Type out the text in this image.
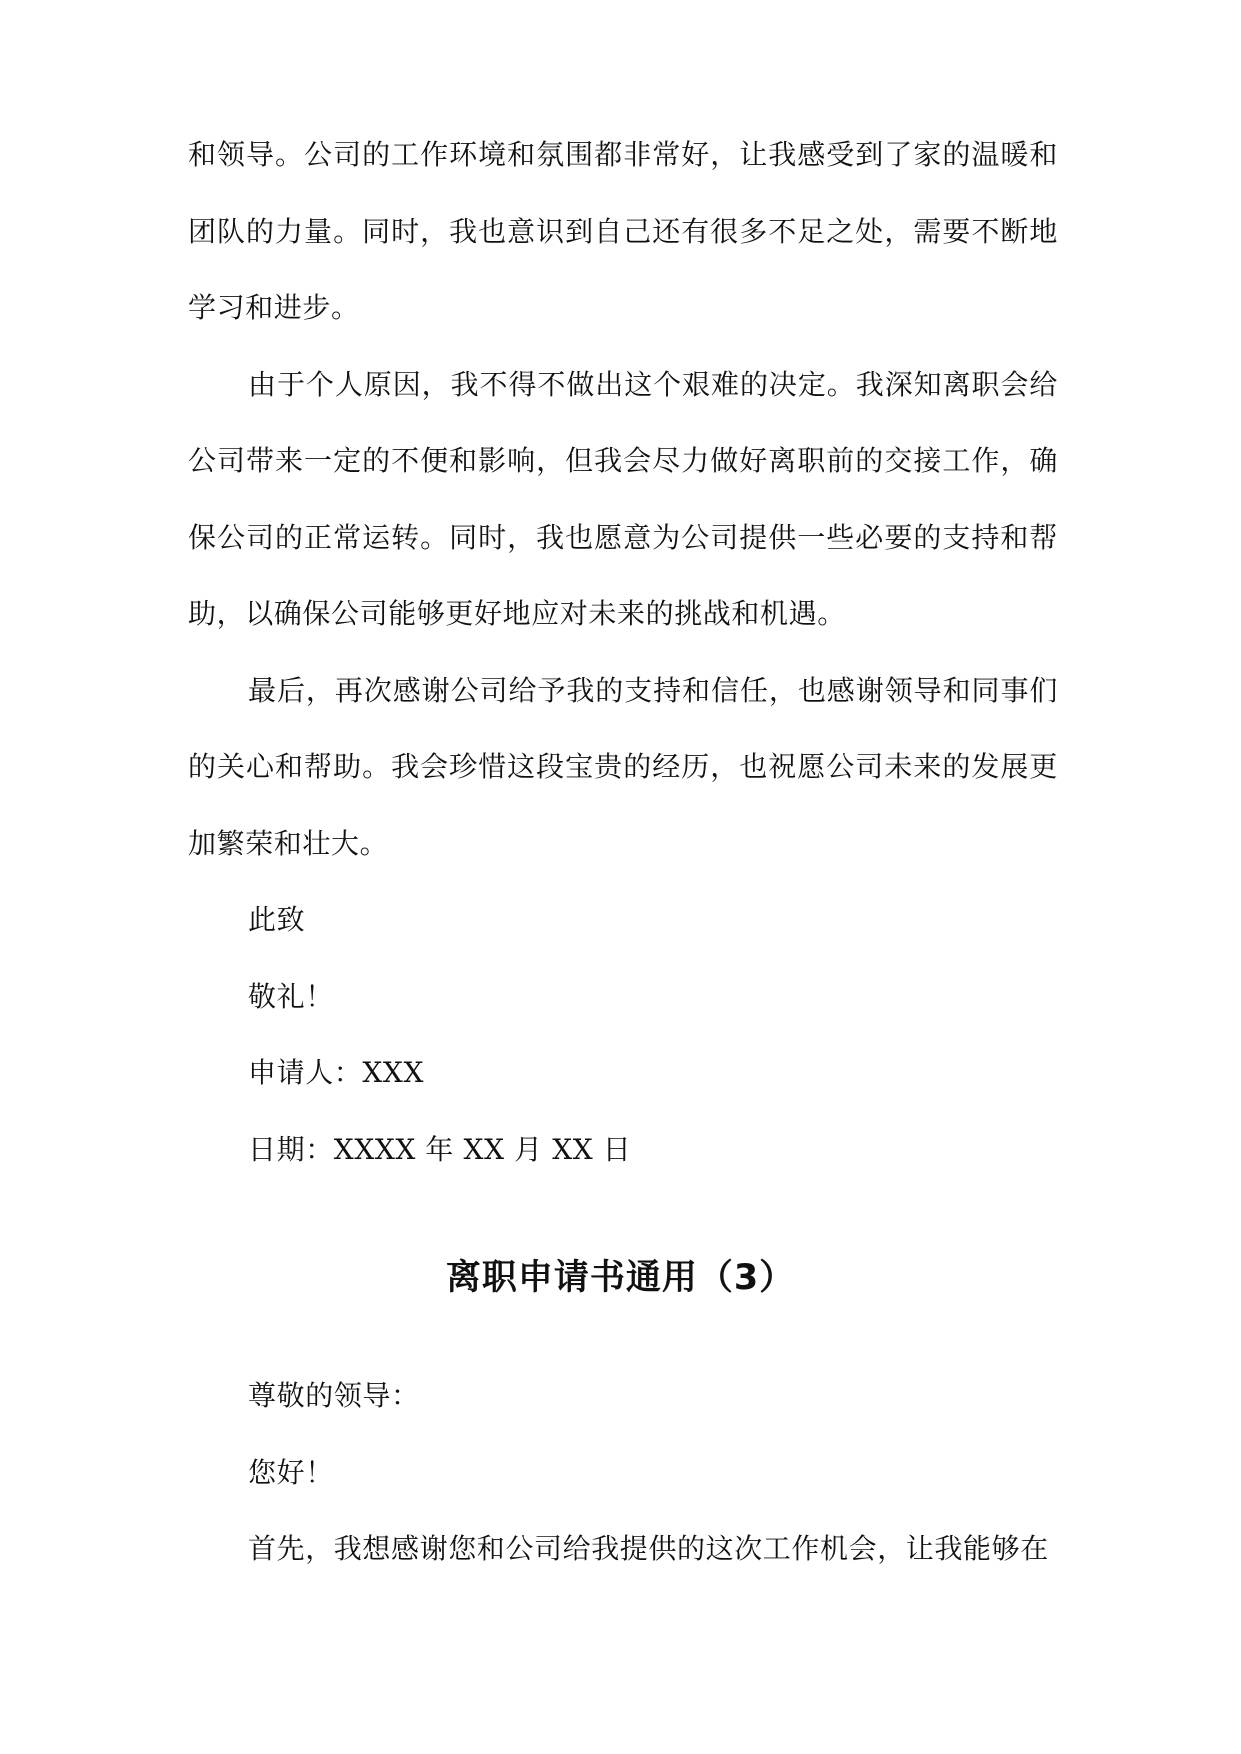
和领导。公司的工作环境和氛围都非常好，让我感受到了家的温暖和团队的力量。同时，我也意识到自己还有很多不足之处，需要不断地学习和进步。

由于个人原因，我不得不做出这个艰难的决定。我深知离职会给公司带来一定的不便和影响，但我会尽力做好离职前的交接工作，确保公司的正常运转。同时，我也愿意为公司提供一些必要的支持和帮助，以确保公司能够更好地应对未来的挑战和机遇。

最后，再次感谢公司给予我的支持和信任，也感谢领导和同事们的关心和帮助。我会珍惜这段宝贵的经历，也祝愿公司未来的发展更加繁荣和壮大。

此致

敬礼！

申请人：XXX

日期：XXXX 年 XX 月 XX 日

离职申请书通用（3）

尊敬的领导：

您好！

首先，我想感谢您和公司给我提供的这次工作机会，让我能够在
